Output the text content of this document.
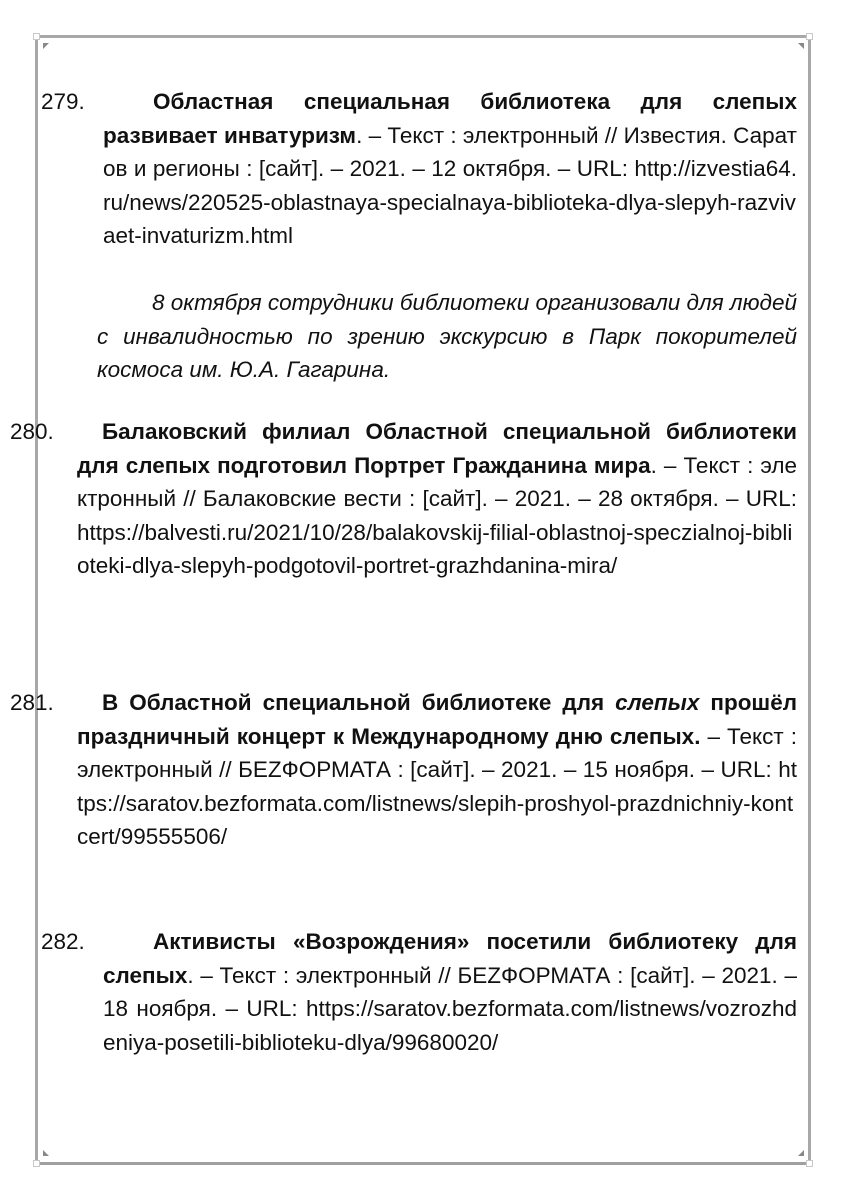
279.	Областная специальная библиотека для слепых развивает инватуризм. – Текст : электронный // Известия. Саратов и регионы : [сайт]. – 2021. – 12 октября. – URL: http://izvestia64.ru/news/220525-oblastnaya-specialnaya-biblioteka-dlya-slepyh-razvivaet-invaturizm.html
8 октября сотрудники библиотеки организовали для людей с инвалидностью по зрению экскурсию в Парк покорителей космоса им. Ю.А. Гагарина.
280.	Балаковский филиал Областной специальной библиотеки для слепых подготовил Портрет Гражданина мира. – Текст : электронный // Балаковские вести : [сайт]. – 2021. – 28 октября. – URL: https://balvesti.ru/2021/10/28/balakovskij-filial-oblastnoj-speczialnoj-biblioteki-dlya-slepyh-podgotovil-portret-grazhdanina-mira/
281.	В Областной специальной библиотеке для слепых прошёл праздничный концерт к Международному дню слепых. – Текст : электронный // БЕZФОРМАТА : [сайт]. – 2021. – 15 ноября. – URL: https://saratov.bezformata.com/listnews/slepih-proshyol-prazdnichniy-kontcert/99555506/
282.	Активисты «Возрождения» посетили библиотеку для слепых. – Текст : электронный // БЕZФОРМАТА : [сайт]. – 2021. – 18 ноября. – URL: https://saratov.bezformata.com/listnews/vozrozhdeniya-posetili-biblioteku-dlya/99680020/
